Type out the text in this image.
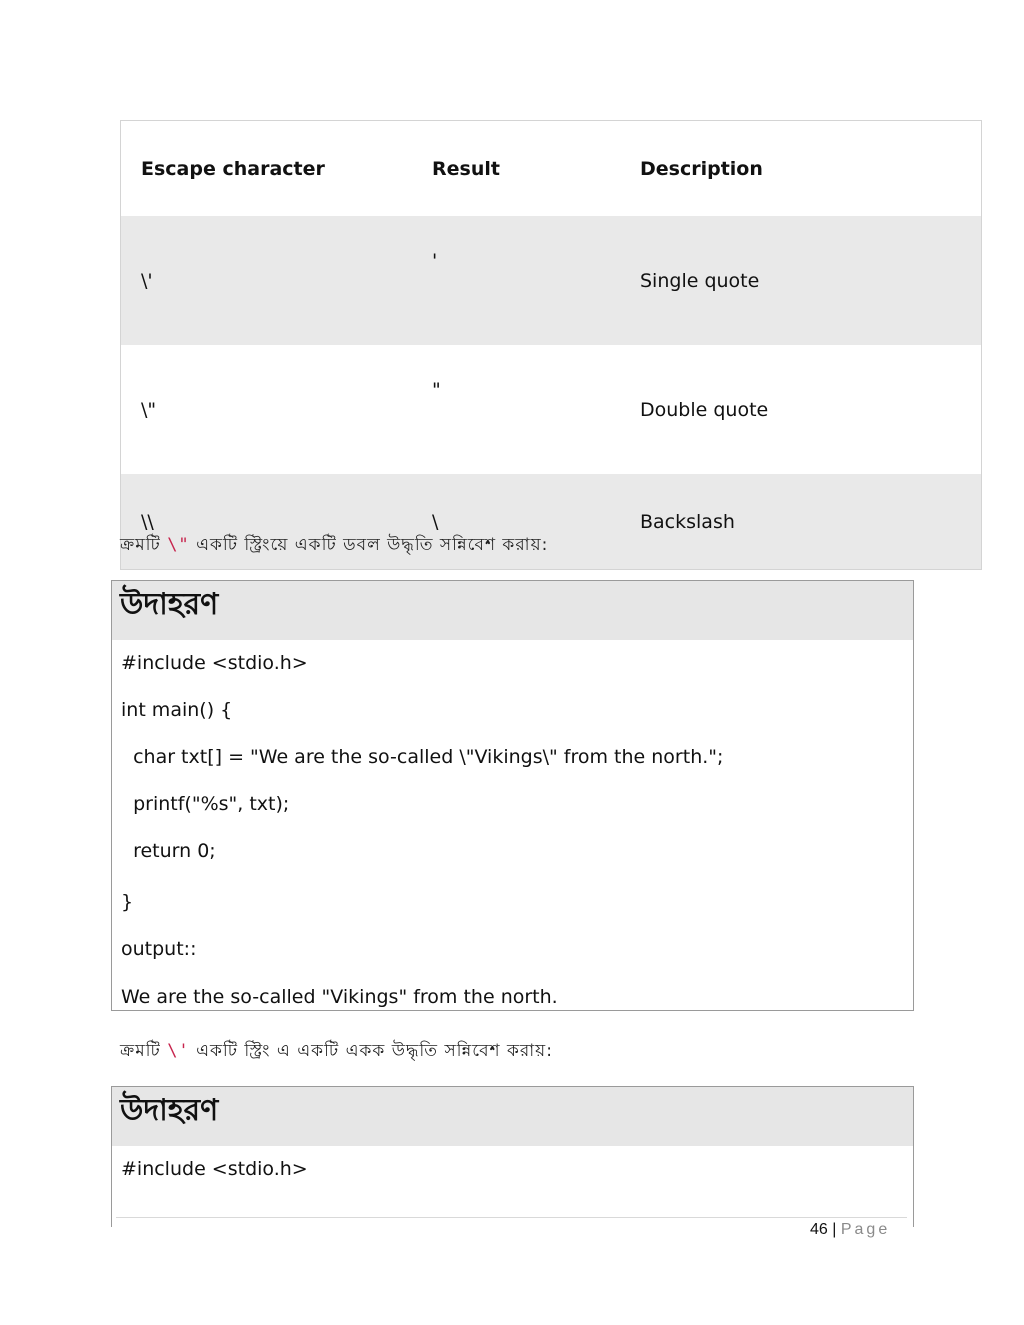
Escape character	Result	Description
\'	'	Single quote
\"	"	Double quote
\\	\	Backslash
ক্রমটি \" একটি স্ট্রিংয়ে একটি ডবল উদ্ধৃতি সন্নিবেশ করায়:
উদাহরণ
#include <stdio.h>
int main() {
char txt[] = "We are the so-called \"Vikings\" from the north.";
printf("%s", txt);
return 0;
}
output::
We are the so-called "Vikings" from the north.
ক্রমটি \' একটি স্ট্রিং এ একটি একক উদ্ধৃতি সন্নিবেশ করায়:
উদাহরণ
#include <stdio.h>
46 | Page
